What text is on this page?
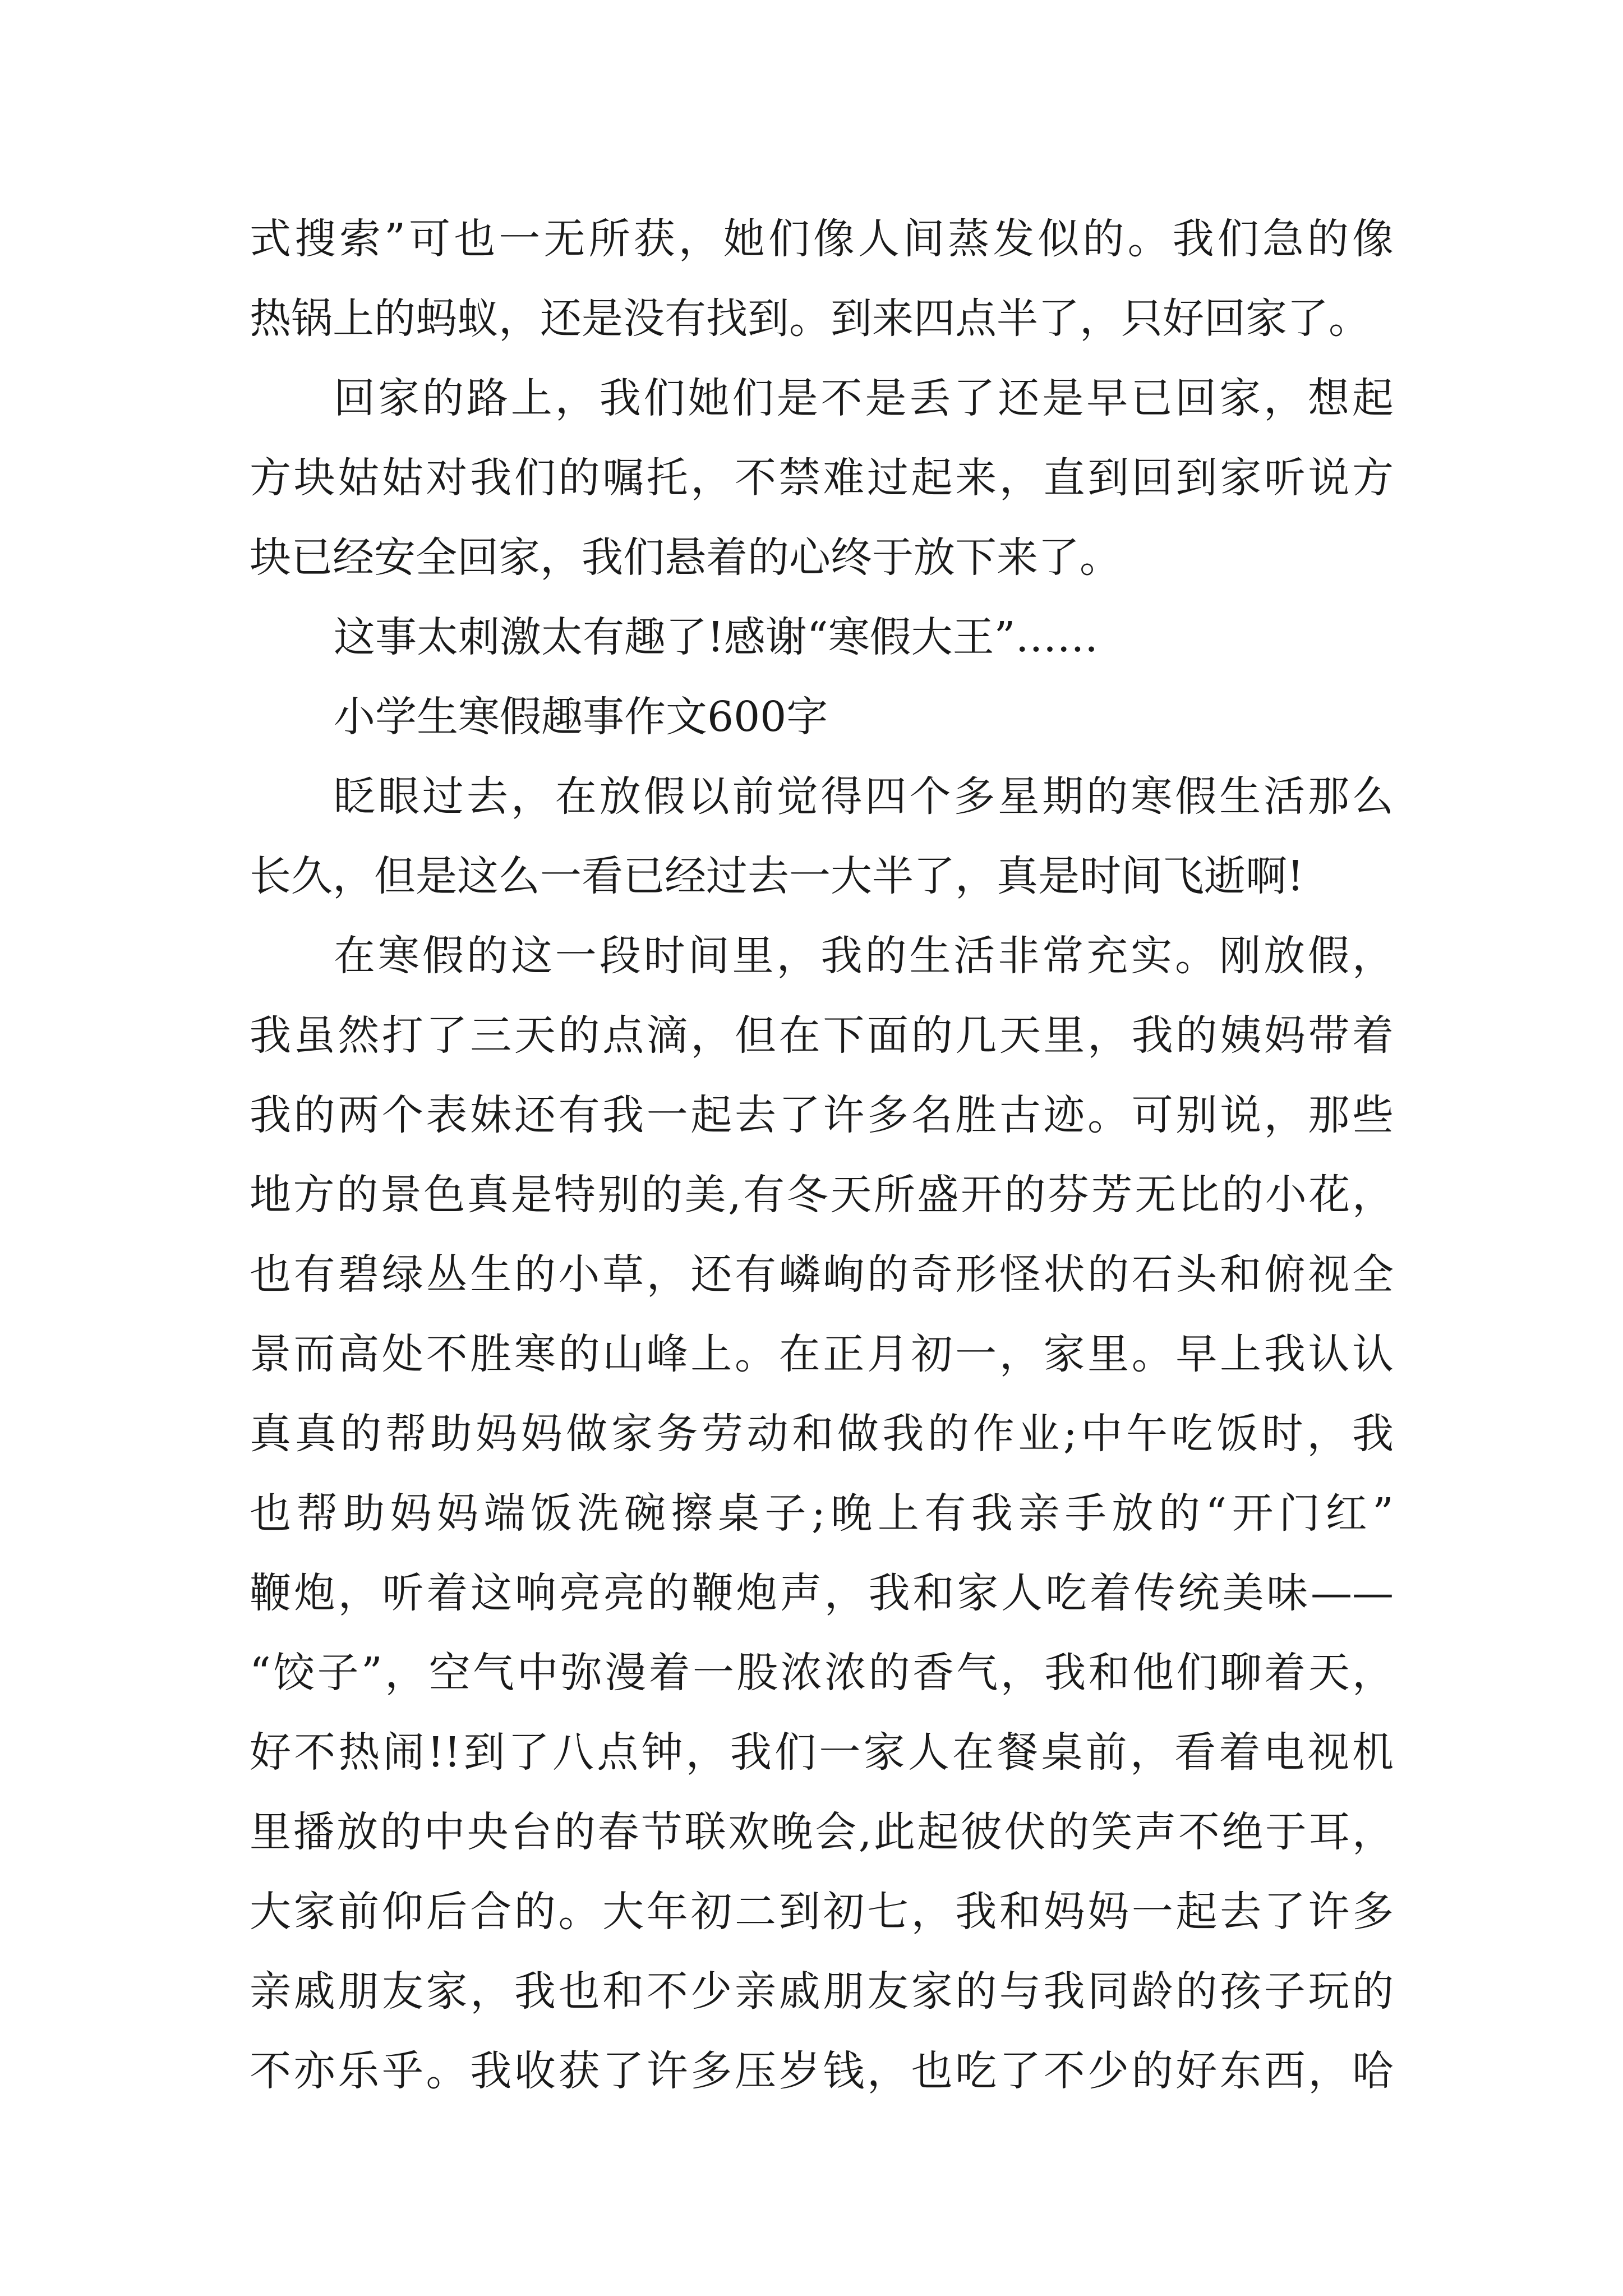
式搜索”可也一无所获，她们像人间蒸发似的。我们急的像
热锅上的蚂蚁，还是没有找到。到来四点半了，只好回家了。
回家的路上，我们她们是不是丢了还是早已回家，想起
方块姑姑对我们的嘱托，不禁难过起来，直到回到家听说方
块已经安全回家，我们悬着的心终于放下来了。
这事太刺激太有趣了!感谢“寒假大王”……
小学生寒假趣事作文600字
眨眼过去，在放假以前觉得四个多星期的寒假生活那么
长久，但是这么一看已经过去一大半了，真是时间飞逝啊!
在寒假的这一段时间里，我的生活非常充实。刚放假，
我虽然打了三天的点滴，但在下面的几天里，我的姨妈带着
我的两个表妹还有我一起去了许多名胜古迹。可别说，那些
地方的景色真是特别的美,有冬天所盛开的芬芳无比的小花，
也有碧绿丛生的小草，还有嶙峋的奇形怪状的石头和俯视全
景而高处不胜寒的山峰上。在正月初一，家里。早上我认认
真真的帮助妈妈做家务劳动和做我的作业;中午吃饭时，我
也帮助妈妈端饭洗碗擦桌子;晚上有我亲手放的“开门红”
鞭炮，听着这响亮亮的鞭炮声，我和家人吃着传统美味——
“饺子”，空气中弥漫着一股浓浓的香气，我和他们聊着天，
好不热闹!!到了八点钟，我们一家人在餐桌前，看着电视机
里播放的中央台的春节联欢晚会,此起彼伏的笑声不绝于耳，
大家前仰后合的。大年初二到初七，我和妈妈一起去了许多
亲戚朋友家，我也和不少亲戚朋友家的与我同龄的孩子玩的
不亦乐乎。我收获了许多压岁钱，也吃了不少的好东西，哈
